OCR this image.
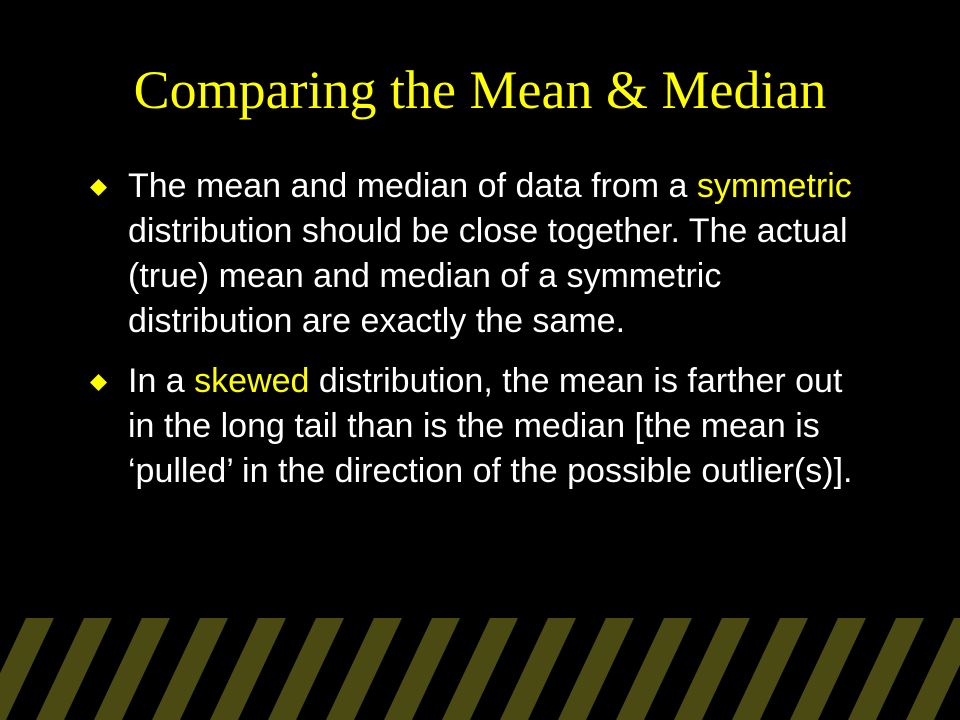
Comparing the Mean & Median
The mean and median of data from a symmetric distribution should be close together. The actual (true) mean and median of a symmetric distribution are exactly the same.
In a skewed distribution, the mean is farther out in the long tail than is the median [the mean is ‘pulled’ in the direction of the possible outlier(s)].
